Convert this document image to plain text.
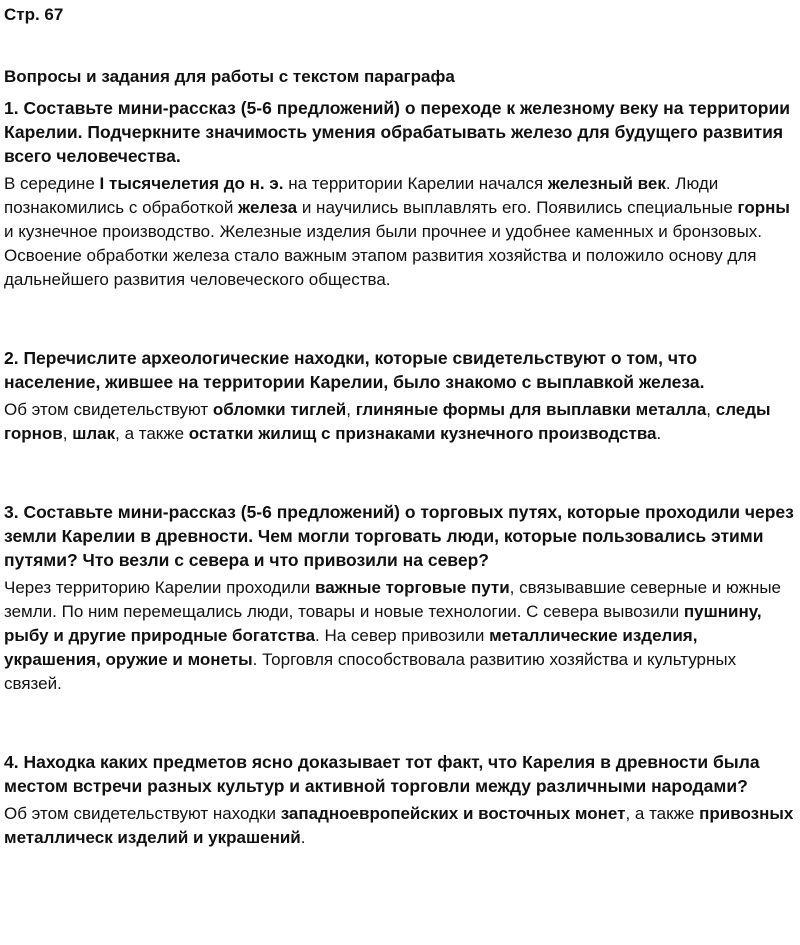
Стр. 67
Вопросы и задания для работы с текстом параграфа
1. Составьте мини-рассказ (5-6 предложений) о переходе к железному веку на территории Карелии. Подчеркните значимость умения обрабатывать железо для будущего развития всего человечества.

В середине I тысячелетия до н. э. на территории Карелии начался железный век. Люди познакомились с обработкой железа и научились выплавлять его. Появились специальные горны и кузнечное производство. Железные изделия были прочнее и удобнее каменных и бронзовых. Освоение обработки железа стало важным этапом развития хозяйства и положило основу для дальнейшего развития человеческого общества.

2. Перечислите археологические находки, которые свидетельствуют о том, что население, жившее на территории Карелии, было знакомо с выплавкой железа.

Об этом свидетельствуют обломки тиглей, глиняные формы для выплавки металла, следы горнов, шлак, а также остатки жилищ с признаками кузнечного производства.

3. Составьте мини-рассказ (5-6 предложений) о торговых путях, которые проходили через земли Карелии в древности. Чем могли торговать люди, которые пользовались этими путями? Что везли с севера и что привозили на север?

Через территорию Карелии проходили важные торговые пути, связывавшие северные и южные земли. По ним перемещались люди, товары и новые технологии. С севера вывозили пушнину, рыбу и другие природные богатства. На север привозили металлические изделия, украшения, оружие и монеты. Торговля способствовала развитию хозяйства и культурных связей.

4. Находка каких предметов ясно доказывает тот факт, что Карелия в древности была местом встречи разных культур и активной торговли между различными народами?

Об этом свидетельствуют находки западноевропейских и восточных монет, а также привозных металлическ изделий и украшений.
